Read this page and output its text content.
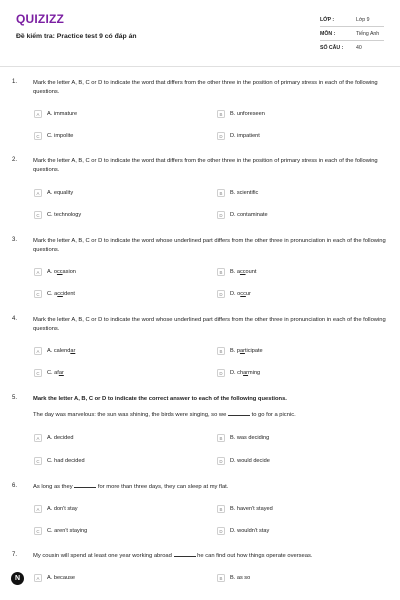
QUIZIZZ
Đề kiểm tra: Practice test 9 có đáp án
LỚP :	Lớp 9
MÔN :	Tiếng Anh
SỐ CÂU :	40
1.	Mark the letter A, B, C or D to indicate the word that differs from the other three in the position of primary stress in each of the following questions.
A	A. immature	B	B. unforeseen
C	C. impolite	D	D. impatient
2.	Mark the letter A, B, C or D to indicate the word that differs from the other three in the position of primary stress in each of the following questions.
A	A. equality	B	B. scientific
C	C. technology	D	D. contaminate
3.	Mark the letter A, B, C or D to indicate the word whose underlined part differs from the other three in pronunciation in each of the following questions.
A	A. occasion	B	B. account
C	C. accident	D	D. occur
4.	Mark the letter A, B, C or D to indicate the word whose underlined part differs from the other three in pronunciation in each of the following questions.
A	A. calendar	B	B. participate
C	C. afar	D	D. charming
5.	Mark the letter A, B, C or D to indicate the correct answer to each of the following questions.
The day was marvelous: the sun was shining, the birds were singing, so we	to go for a picnic.
A	A. decided	B	B. was deciding
C	C. had decided	D	D. would decide
6.	As long as they	for more than three days, they can sleep at my flat.
A	A. don't stay	B	B. haven't stayed
C	C. aren't staying	D	D. wouldn't stay
7.	My cousin will spend at least one year working abroad	he can find out how things operate overseas.
A	A. because	B	B. as so
N
